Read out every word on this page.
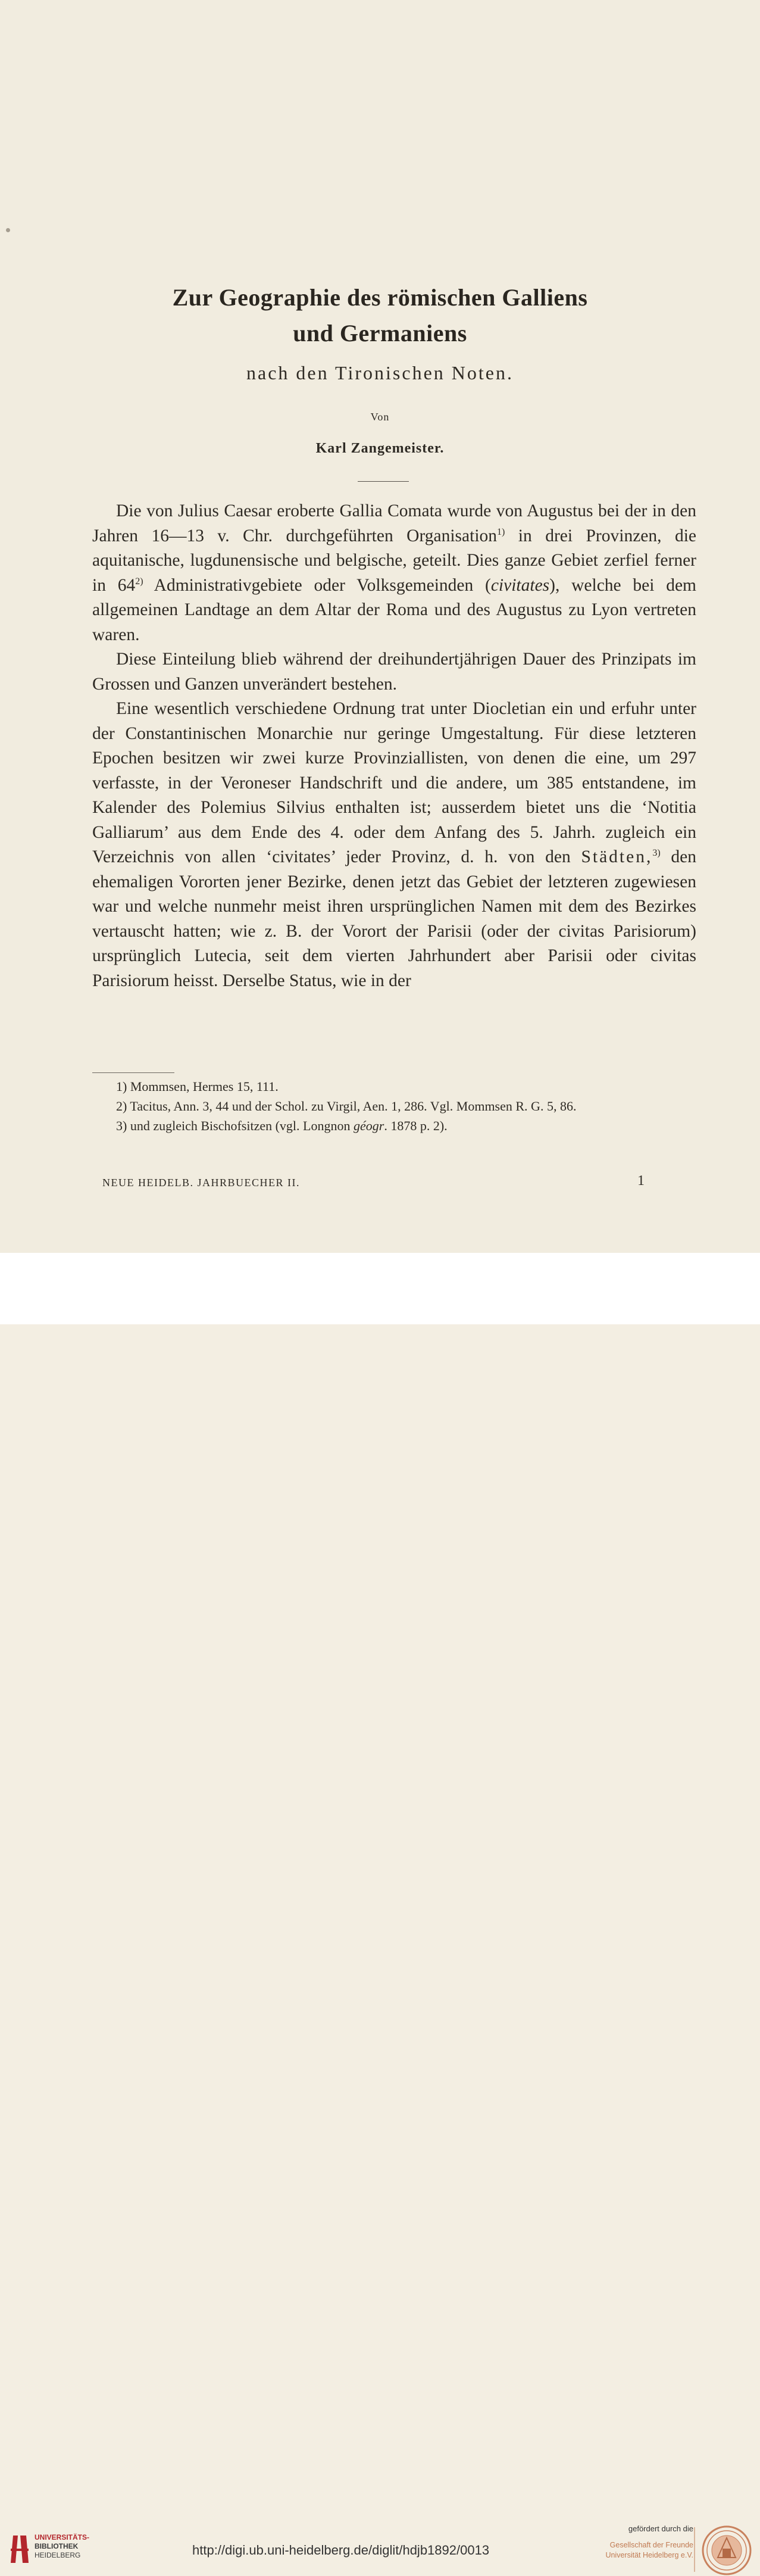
Zur Geographie des römischen Galliens
und Germaniens
nach den Tironischen Noten.
Von
Karl Zangemeister.

Die von Julius Caesar eroberte Gallia Comata wurde von Augustus bei der in den Jahren 16—13 v. Chr. durchgeführten Organisation$^{1)}$ in drei Provinzen, die aquitanische, lugdunensische und belgische, geteilt. Dies ganze Gebiet zerfiel ferner in 64$^{2)}$ Administrativgebiete oder Volksgemeinden (civitates), welche bei dem allgemeinen Landtage an dem Altar der Roma und des Augustus zu Lyon vertreten waren.

Diese Einteilung blieb während der dreihundertjährigen Dauer des Prinzipats im Grossen und Ganzen unverändert bestehen.

Eine wesentlich verschiedene Ordnung trat unter Diocletian ein und erfuhr unter der Constantinischen Monarchie nur geringe Umgestaltung. Für diese letzteren Epochen besitzen wir zwei kurze Provinziallisten, von denen die eine, um 297 verfasste, in der Veroneser Handschrift und die andere, um 385 entstandene, im Kalender des Polemius Silvius enthalten ist; ausserdem bietet uns die ‘Notitia Galliarum’ aus dem Ende des 4. oder dem Anfang des 5. Jahrh. zugleich ein Verzeichnis von allen ‘civitates’ jeder Provinz, d. h. von den Städten,$^{3)}$ den ehemaligen Vororten jener Bezirke, denen jetzt das Gebiet der letzteren zugewiesen war und welche nunmehr meist ihren ursprünglichen Namen mit dem des Bezirkes vertauscht hatten; wie z. B. der Vorort der Parisii (oder der civitas Parisiorum) ursprünglich Lutecia, seit dem vierten Jahrhundert aber Parisii oder civitas Parisiorum heisst. Derselbe Status, wie in der

1) Mommsen, Hermes 15, 111.
2) Tacitus, Ann. 3, 44 und der Schol. zu Virgil, Aen. 1, 286. Vgl. Mommsen R. G. 5, 86.
3) und zugleich Bischofsitzen (vgl. Longnon géogr. 1878 p. 2).
NEUE HEIDELB. JAHRBUECHER II.	1
UNIVERSITÄTS-
BIBLIOTHEK
HEIDELBERG	http://digi.ub.uni-heidelberg.de/diglit/hdjb1892/0013
gefördert durch die
Gesellschaft der Freunde
Universität Heidelberg e.V.
